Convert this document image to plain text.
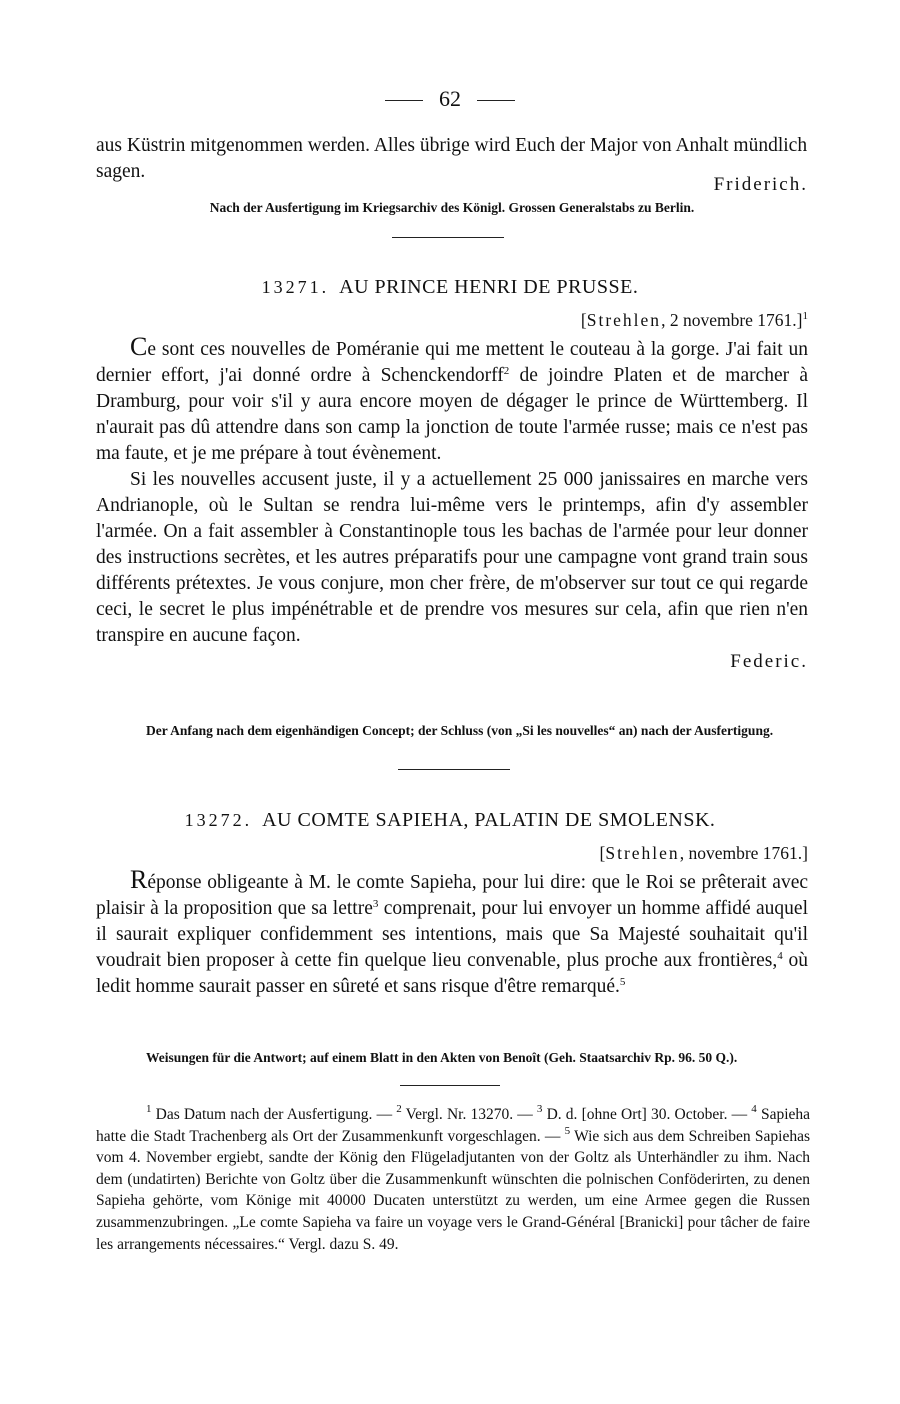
62

aus Küstrin mitgenommen werden. Alles übrige wird Euch der Major von Anhalt mündlich sagen.

Friderich.

Nach der Ausfertigung im Kriegsarchiv des Königl. Grossen Generalstabs zu Berlin.

13271. AU PRINCE HENRI DE PRUSSE.
[Strehlen, 2 novembre 1761.]$^1$

Ce sont ces nouvelles de Poméranie qui me mettent le couteau à la gorge. J'ai fait un dernier effort, j'ai donné ordre à Schenckendorff$^2$ de joindre Platen et de marcher à Dramburg, pour voir s'il y aura encore moyen de dégager le prince de Württemberg. Il n'aurait pas dû attendre dans son camp la jonction de toute l'armée russe; mais ce n'est pas ma faute, et je me prépare à tout évènement.

Si les nouvelles accusent juste, il y a actuellement 25 000 janissaires en marche vers Andrianople, où le Sultan se rendra lui-même vers le printemps, afin d'y assembler l'armée. On a fait assembler à Constantinople tous les bachas de l'armée pour leur donner des instructions secrètes, et les autres préparatifs pour une campagne vont grand train sous différents prétextes. Je vous conjure, mon cher frère, de m'observer sur tout ce qui regarde ceci, le secret le plus impénétrable et de prendre vos mesures sur cela, afin que rien n'en transpire en aucune façon.

Federic.

Der Anfang nach dem eigenhändigen Concept; der Schluss (von „Si les nouvelles“ an) nach der Ausfertigung.

13272. AU COMTE SAPIEHA, PALATIN DE SMOLENSK.
[Strehlen, novembre 1761.]

Réponse obligeante à M. le comte Sapieha, pour lui dire: que le Roi se prêterait avec plaisir à la proposition que sa lettre$^3$ comprenait, pour lui envoyer un homme affidé auquel il saurait expliquer confidemment ses intentions, mais que Sa Majesté souhaitait qu'il voudrait bien proposer à cette fin quelque lieu convenable, plus proche aux frontières,$^4$ où ledit homme saurait passer en sûreté et sans risque d'être remarqué.$^5$

Weisungen für die Antwort; auf einem Blatt in den Akten von Benoît (Geh. Staatsarchiv Rp. 96. 50 Q.).

$^1$ Das Datum nach der Ausfertigung. — $^2$ Vergl. Nr. 13270. — $^3$ D. d. [ohne Ort] 30. October. — $^4$ Sapieha hatte die Stadt Trachenberg als Ort der Zusammenkunft vorgeschlagen. — $^5$ Wie sich aus dem Schreiben Sapiehas vom 4. November ergiebt, sandte der König den Flügeladjutanten von der Goltz als Unterhändler zu ihm. Nach dem (undatirten) Berichte von Goltz über die Zusammenkunft wünschten die polnischen Conföderirten, zu denen Sapieha gehörte, vom Könige mit 40000 Ducaten unterstützt zu werden, um eine Armee gegen die Russen zusammenzubringen. „Le comte Sapieha va faire un voyage vers le Grand-Général [Branicki] pour tâcher de faire les arrangements nécessaires.“ Vergl. dazu S. 49.
